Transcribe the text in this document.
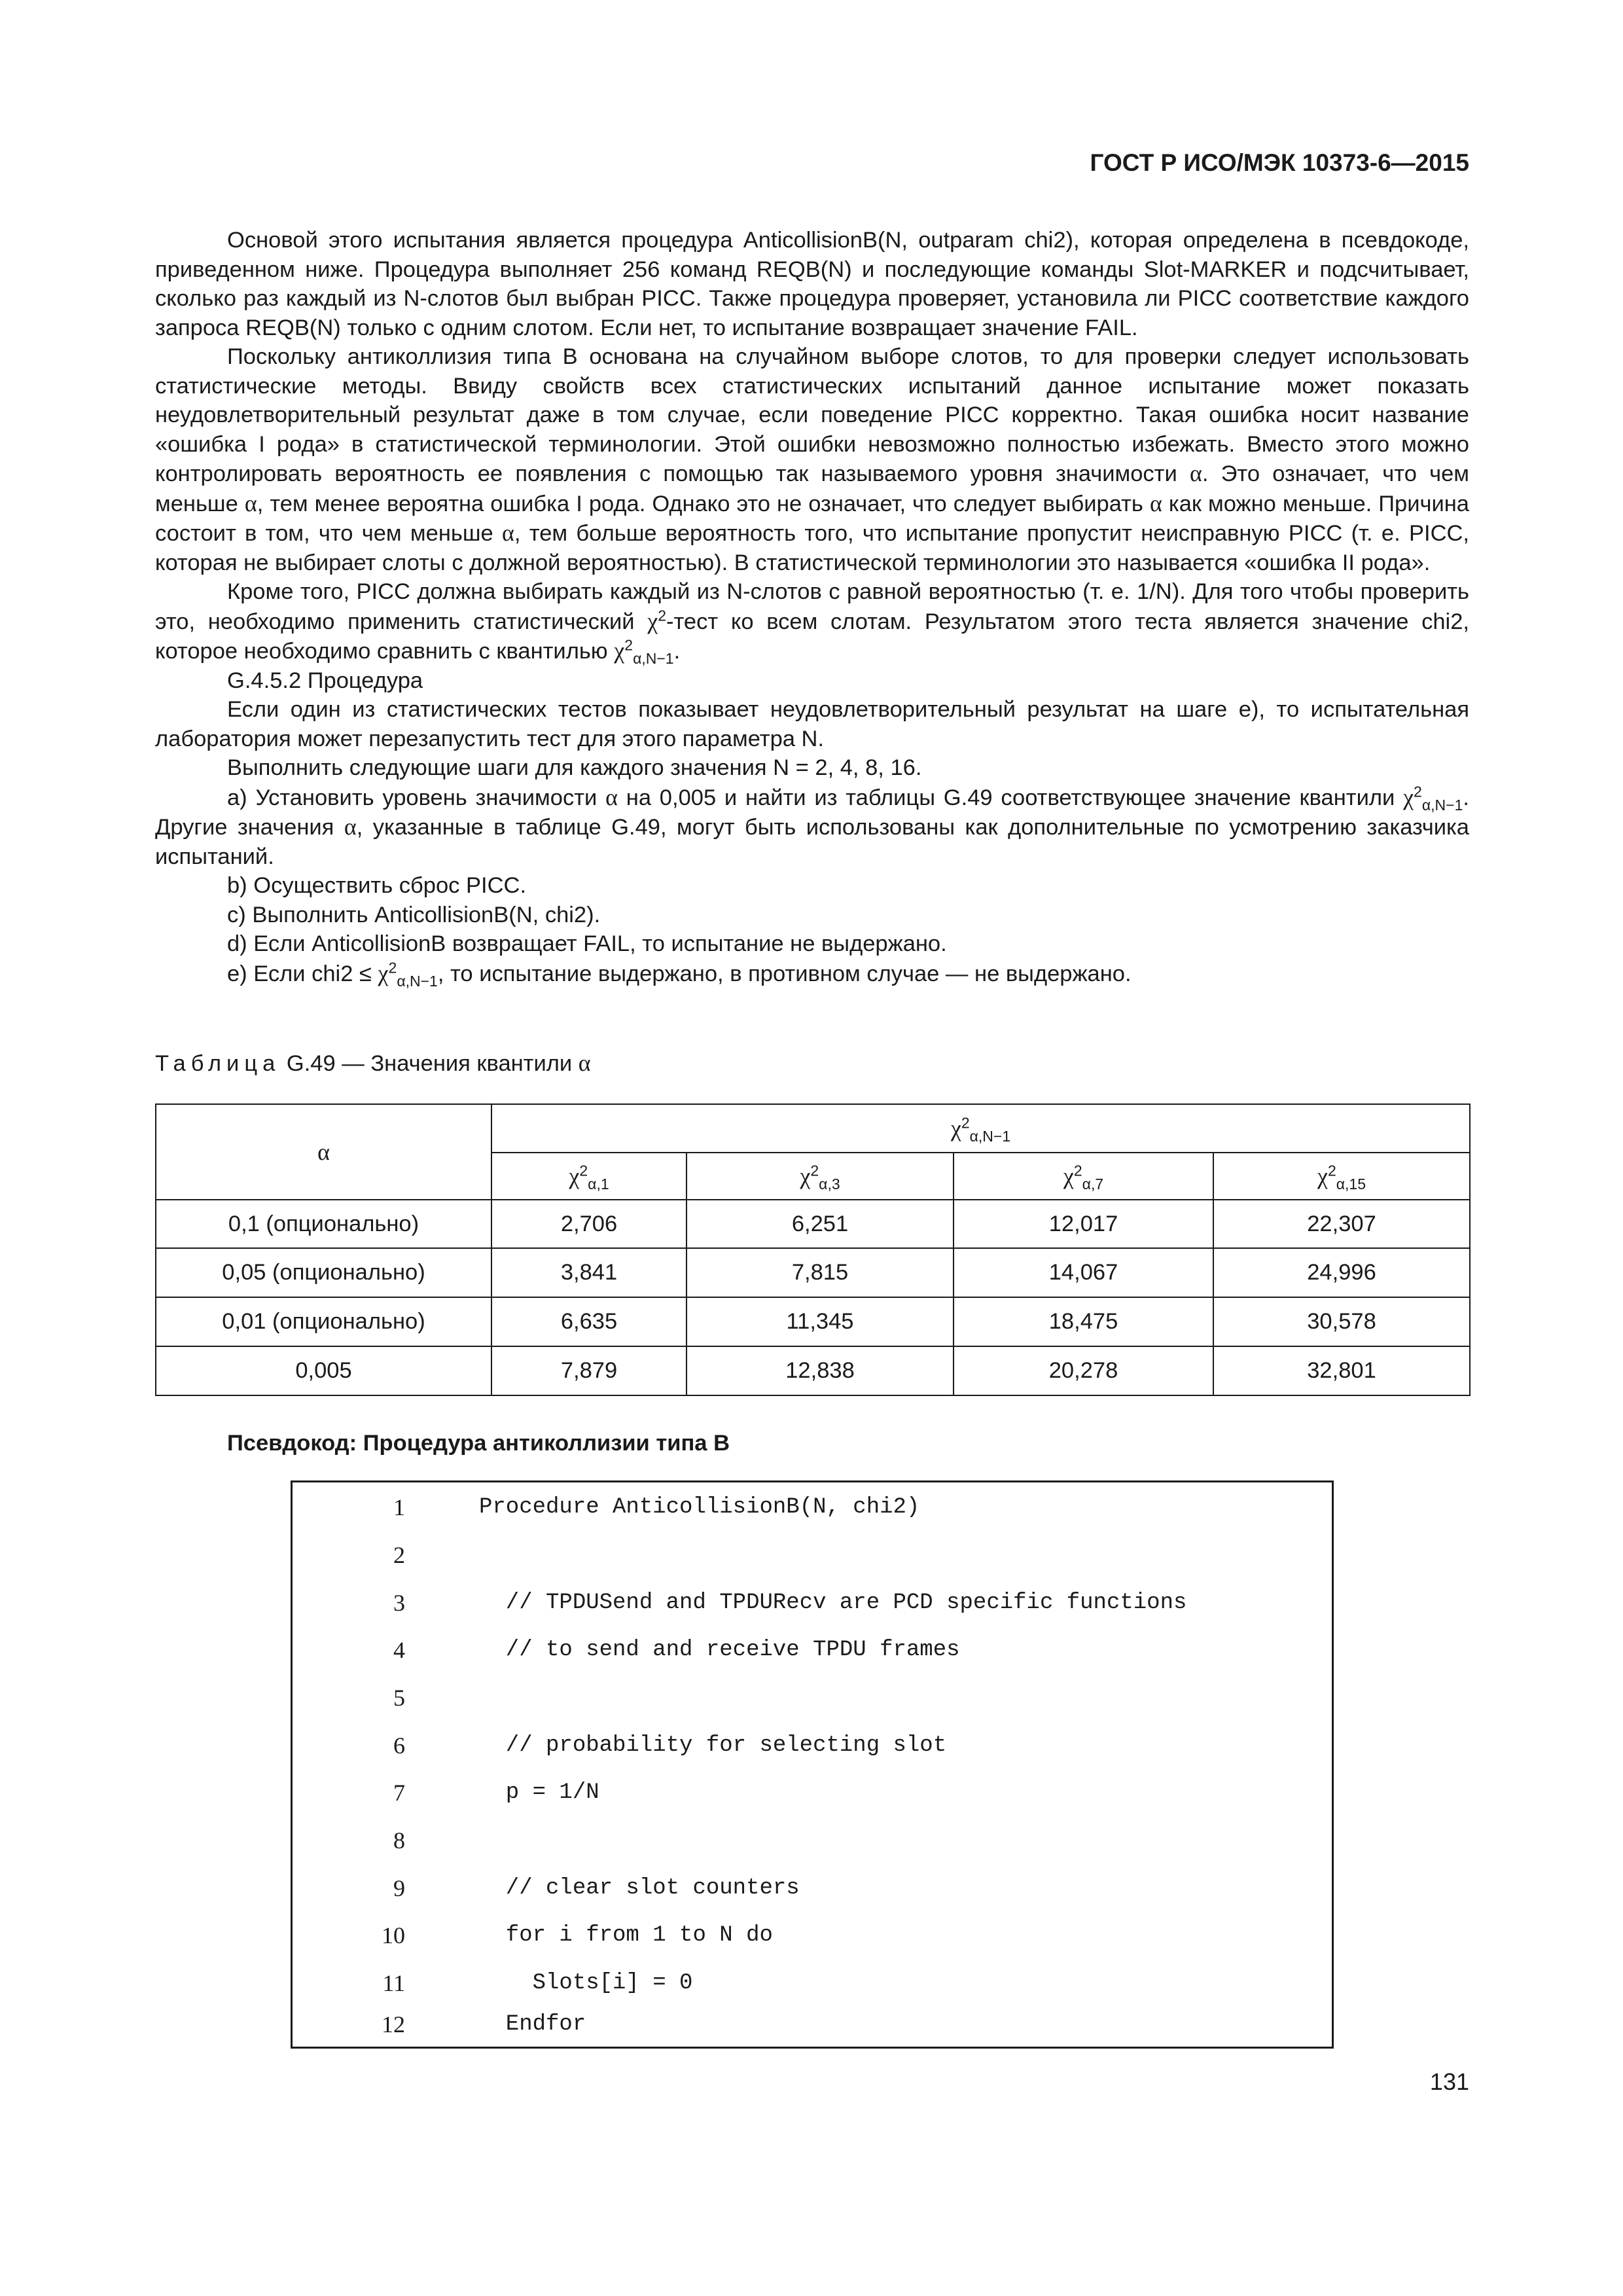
ГОСТ Р ИСО/МЭК 10373-6—2015

Основой этого испытания является процедура AnticollisionB(N, outparam chi2), которая определена в псевдокоде, приведенном ниже. Процедура выполняет 256 команд REQB(N) и последующие команды Slot-MARKER и подсчитывает, сколько раз каждый из N-слотов был выбран PICC. Также процедура проверяет, установила ли PICC соответствие каждого запроса REQB(N) только с одним слотом. Если нет, то испытание возвращает значение FAIL.

Поскольку антиколлизия типа В основана на случайном выборе слотов, то для проверки следует использовать статистические методы. Ввиду свойств всех статистических испытаний данное испытание может показать неудовлетворительный результат даже в том случае, если поведение PICC корректно. Такая ошибка носит название «ошибка I рода» в статистической терминологии. Этой ошибки невозможно полностью избежать. Вместо этого можно контролировать вероятность ее появления с помощью так называемого уровня значимости α. Это означает, что чем меньше α, тем менее вероятна ошибка I рода. Однако это не означает, что следует выбирать α как можно меньше. Причина состоит в том, что чем меньше α, тем больше вероятность того, что испытание пропустит неисправную PICC (т. е. PICC, которая не выбирает слоты с должной вероятностью). В статистической терминологии это называется «ошибка II рода».

Кроме того, PICC должна выбирать каждый из N-слотов с равной вероятностью (т. е. 1/N). Для того чтобы проверить это, необходимо применить статистический $\chi^2$-тест ко всем слотам. Результатом этого теста является значение chi2, которое необходимо сравнить с квантилью $\chi^2_{\alpha,N-1}$.

G.4.5.2 Процедура

Если один из статистических тестов показывает неудовлетворительный результат на шаге e), то испытательная лаборатория может перезапустить тест для этого параметра N.

Выполнить следующие шаги для каждого значения N = 2, 4, 8, 16.

a) Установить уровень значимости α на 0,005 и найти из таблицы G.49 соответствующее значение квантили $\chi^2_{\alpha,N-1}$. Другие значения α, указанные в таблице G.49, могут быть использованы как дополнительные по усмотрению заказчика испытаний.

b) Осуществить сброс PICC.

c) Выполнить AnticollisionB(N, chi2).

d) Если AnticollisionB возвращает FAIL, то испытание не выдержано.

e) Если $chi2 \le \chi^2_{\alpha,N-1}$, то испытание выдержано, в противном случае — не выдержано.

Таблица G.49 — Значения квантили α
α	$\chi^2_{\alpha,N-1}$
	$\chi^2_{\alpha,1}$	$\chi^2_{\alpha,3}$	$\chi^2_{\alpha,7}$	$\chi^2_{\alpha,15}$
0,1 (опционально)	2,706	6,251	12,017	22,307
0,05 (опционально)	3,841	7,815	14,067	24,996
0,01 (опционально)	6,635	11,345	18,475	30,578
0,005	7,879	12,838	20,278	32,801
Псевдокод: Процедура антиколлизии типа B
1	Procedure AnticollisionB(N, chi2)
2
3	// TPDUSend and TPDURecv are PCD specific functions
4	// to send and receive TPDU frames
5
6	// probability for selecting slot
7	p = 1/N
8
9	// clear slot counters
10	for i from 1 to N do
11	Slots[i] = 0
12	Endfor
131
